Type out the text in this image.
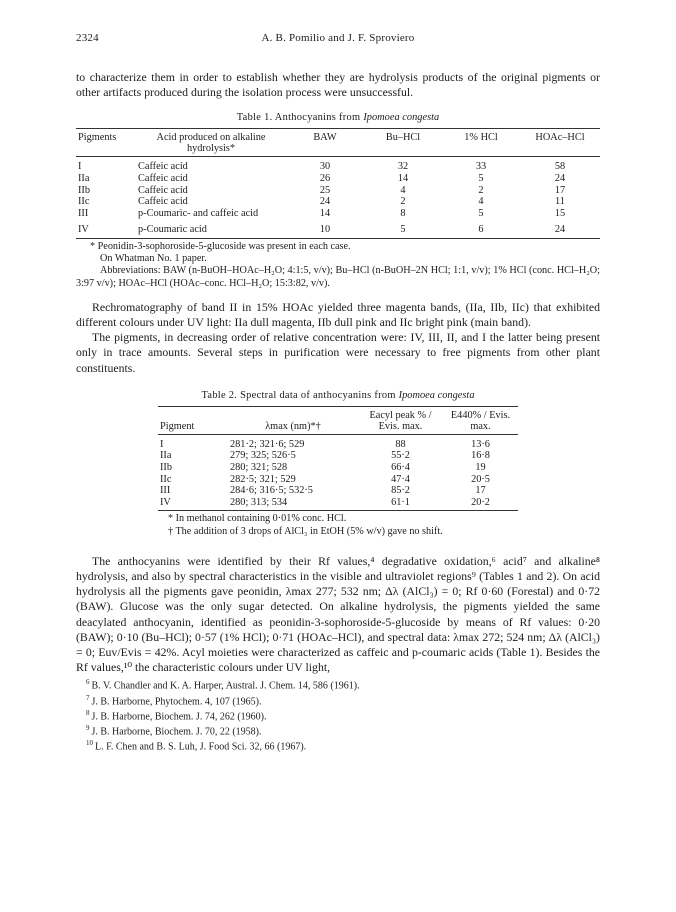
2324	A. B. Pomilio and J. F. Sproviero

to characterize them in order to establish whether they are hydrolysis products of the original pigments or other artifacts produced during the isolation process were unsuccessful.

Table 1. Anthocyanins from Ipomoea congesta
Pigments	Acid produced on alkaline hydrolysis*	BAW	Bu–HCl	1% HCl	HOAc–HCl
I	Caffeic acid	30	32	33	58
IIa	Caffeic acid	26	14	5	24
IIb	Caffeic acid	25	4	2	17
IIc	Caffeic acid	24	2	4	11
III	p-Coumaric- and caffeic acid	14	8	5	15
IV	p-Coumaric acid	10	5	6	24
* Peonidin-3-sophoroside-5-glucoside was present in each case.
On Whatman No. 1 paper.
Abbreviations: BAW (n-BuOH–HOAc–H₂O; 4:1:5, v/v); Bu–HCl (n-BuOH–2N HCl; 1:1, v/v); 1% HCl (conc. HCl–H₂O; 3:97 v/v); HOAc–HCl (HOAc–conc. HCl–H₂O; 15:3:82, v/v).

Rechromatography of band II in 15% HOAc yielded three magenta bands, (IIa, IIb, IIc) that exhibited different colours under UV light: IIa dull magenta, IIb dull pink and IIc bright pink (main band).

The pigments, in decreasing order of relative concentration were: IV, III, II, and I the latter being present only in trace amounts. Several steps in purification were necessary to free pigments from other plant constituents.

Table 2. Spectral data of anthocyanins from Ipomoea congesta
Pigment	λmax (nm)*†	Eacyl peak % / Evis. max.	E440% / Evis. max.
I	281·2; 321·6; 529	88	13·6
IIa	279; 325; 526·5	55·2	16·8
IIb	280; 321; 528	66·4	19
IIc	282·5; 321; 529	47·4	20·5
III	284·6; 316·5; 532·5	85·2	17
IV	280; 313; 534	61·1	20·2
* In methanol containing 0·01% conc. HCl.
† The addition of 3 drops of AlCl₃ in EtOH (5% w/v) gave no shift.

The anthocyanins were identified by their Rf values,⁴ degradative oxidation,⁶ acid⁷ and alkaline⁸ hydrolysis, and also by spectral characteristics in the visible and ultraviolet regions⁹ (Tables 1 and 2). On acid hydrolysis all the pigments gave peonidin, λmax 277; 532 nm; Δλ (AlCl₃) = 0; Rf 0·60 (Forestal) and 0·72 (BAW). Glucose was the only sugar detected. On alkaline hydrolysis, the pigments yielded the same deacylated anthocyanin, identified as peonidin-3-sophoroside-5-glucoside by means of Rf values: 0·20 (BAW); 0·10 (Bu–HCl); 0·57 (1% HCl); 0·71 (HOAc–HCl), and spectral data: λmax 272; 524 nm; Δλ (AlCl₃) = 0; Euv/Evis = 42%. Acyl moieties were characterized as caffeic and p-coumaric acids (Table 1). Besides the Rf values,¹⁰ the characteristic colours under UV light,

$^6$ B. V. Chandler and K. A. Harper, Austral. J. Chem. 14, 586 (1961).
$^7$ J. B. Harborne, Phytochem. 4, 107 (1965).
$^8$ J. B. Harborne, Biochem. J. 74, 262 (1960).
$^9$ J. B. Harborne, Biochem. J. 70, 22 (1958).
$^{10}$ L. F. Chen and B. S. Luh, J. Food Sci. 32, 66 (1967).
